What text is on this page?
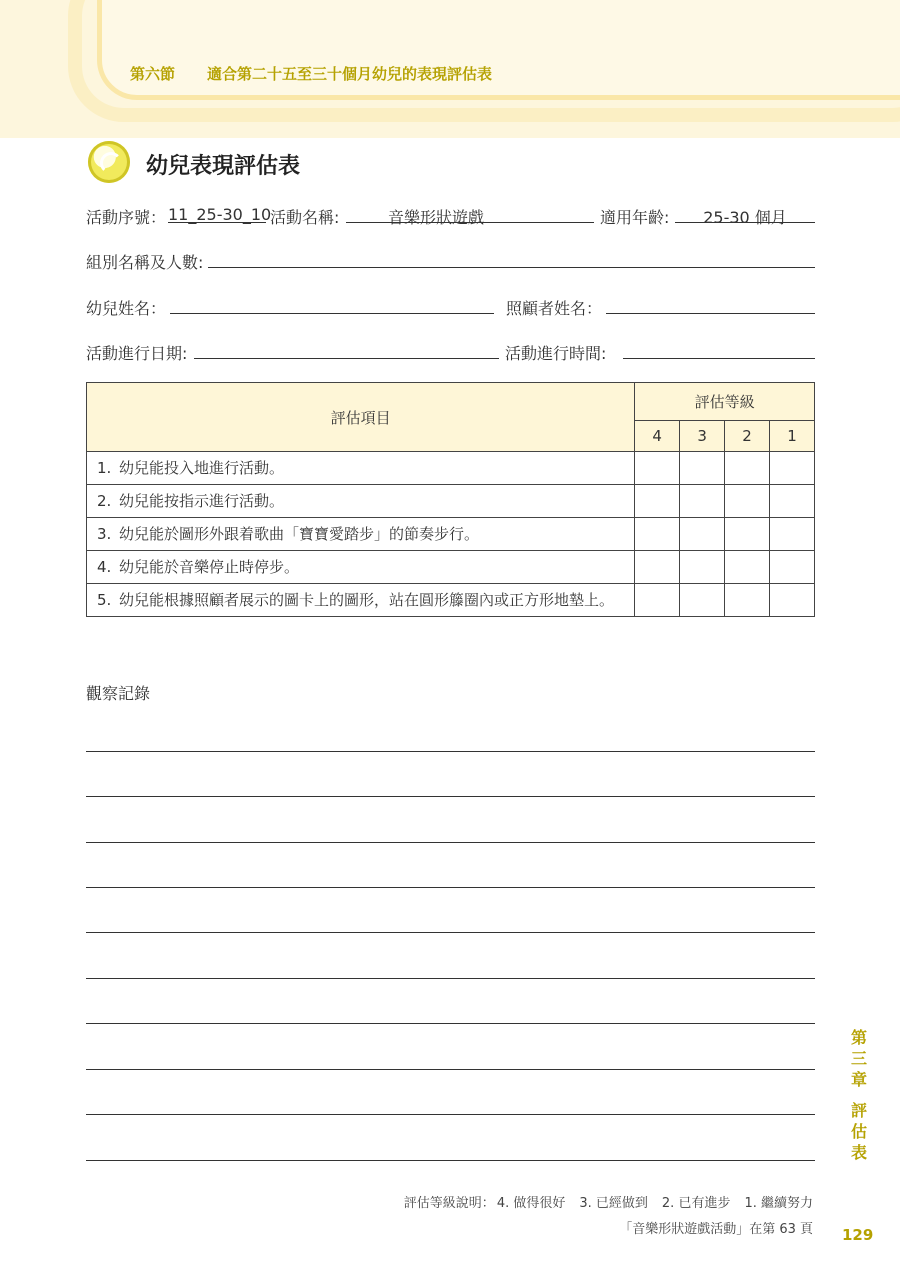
第六節 適合第二十五至三十個月幼兒的表現評估表
幼兒表現評估表
活動序號： 11_25-30_10
活動名稱:	音樂形狀遊戲	適用年齡:	25-30 個月
組別名稱及人數:
幼兒姓名：	照顧者姓名：
活動進行日期:	活動進行時間:
評估項目	評估等級			
	4	3	2	1
1. 幼兒能投入地進行活動。				
2. 幼兒能按指示進行活動。				
3. 幼兒能於圖形外跟着歌曲「寶寶愛踏步」的節奏步行。				
4. 幼兒能於音樂停止時停步。				
5. 幼兒能根據照顧者展示的圖卡上的圖形，站在圓形籐圈內或正方形地墊上。				
觀察記錄
第
三
章
評
估
表
評估等級說明： 4. 做得很好 3. 已經做到 2. 已有進步 1. 繼續努力
「音樂形狀遊戲活動」在第 63 頁 129
